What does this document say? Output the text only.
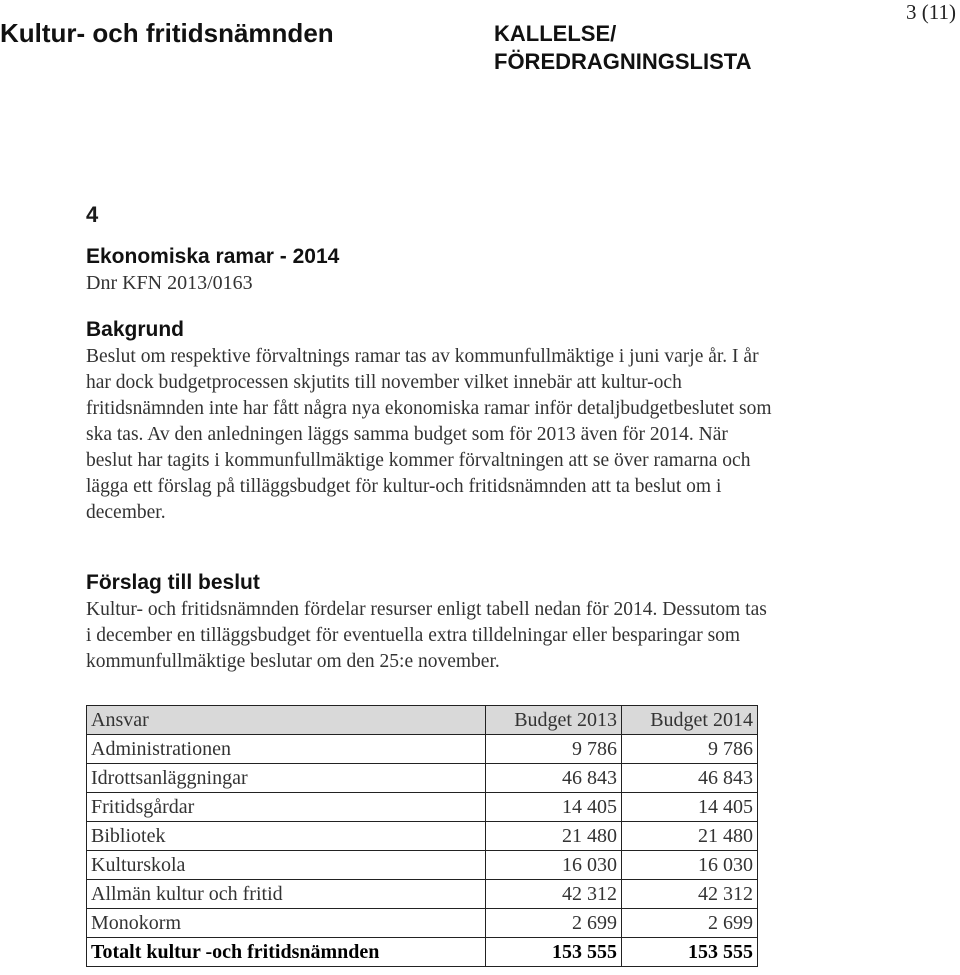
Kultur- och fritidsnämnden	KALLELSE/
FÖREDRAGNINGSLISTA
3 (11)
4
Ekonomiska ramar - 2014
Dnr KFN 2013/0163
Bakgrund
Beslut om respektive förvaltnings ramar tas av kommunfullmäktige i juni varje år. I år har dock budgetprocessen skjutits till november vilket innebär att kultur-och fritidsnämnden inte har fått några nya ekonomiska ramar inför detaljbudgetbeslutet som ska tas. Av den anledningen läggs samma budget som för 2013 även för 2014. När beslut har tagits i kommunfullmäktige kommer förvaltningen att se över ramarna och lägga ett förslag på tilläggsbudget för kultur-och fritidsnämnden att ta beslut om i december.
Förslag till beslut
Kultur- och fritidsnämnden fördelar resurser enligt tabell nedan för 2014. Dessutom tas i december en tilläggsbudget för eventuella extra tilldelningar eller besparingar som kommunfullmäktige beslutar om den 25:e november.
Ansvar	Budget 2013	Budget 2014
Administrationen	9 786	9 786
Idrottsanläggningar	46 843	46 843
Fritidsgårdar	14 405	14 405
Bibliotek	21 480	21 480
Kulturskola	16 030	16 030
Allmän kultur och fritid	42 312	42 312
Monokorm	2 699	2 699
Totalt kultur -och fritidsnämnden	153 555	153 555
